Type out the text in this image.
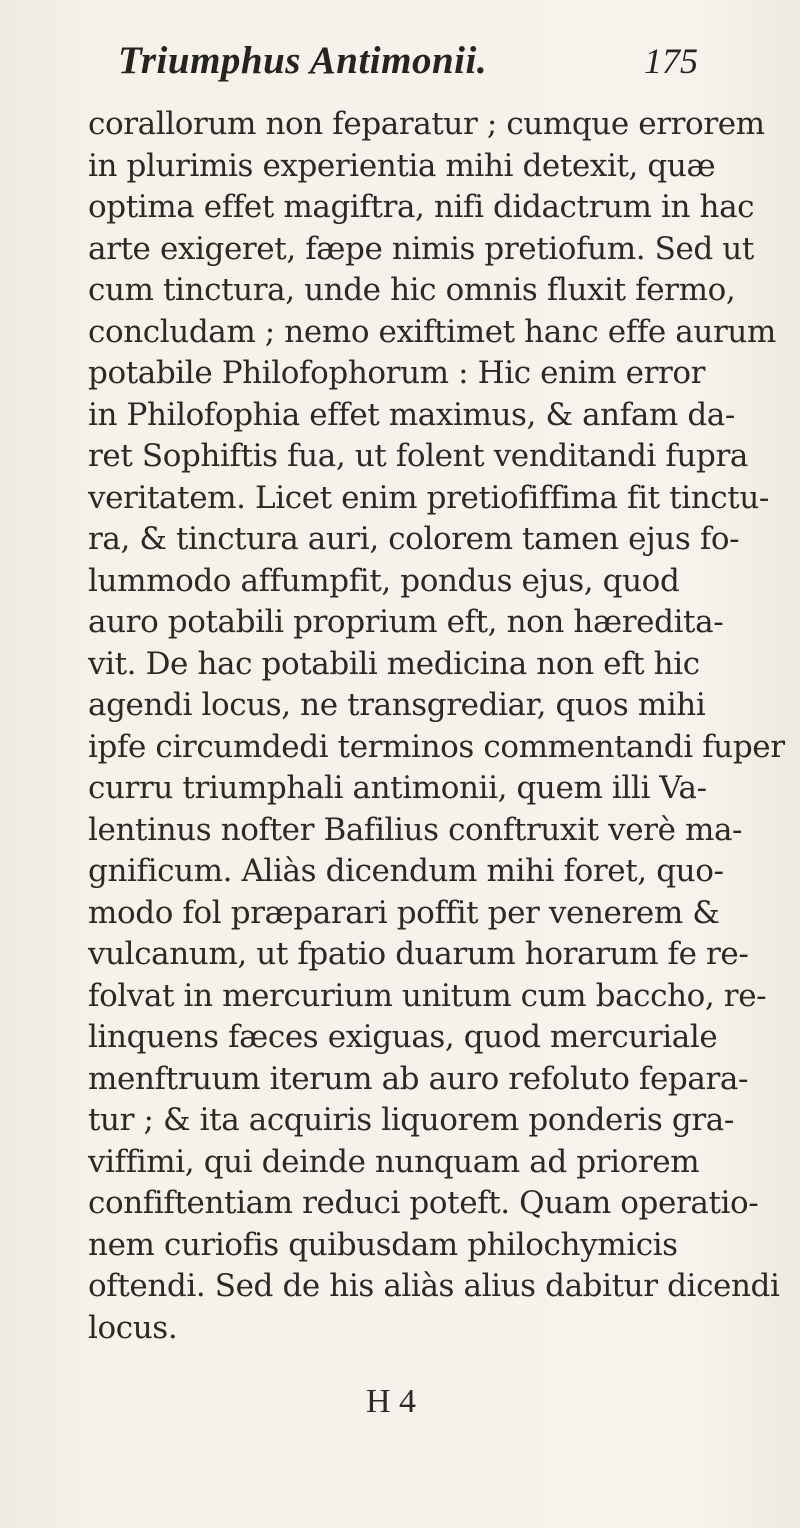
Triumphus Antimonii.	175
corallorum non feparatur ; cumque errorem
in plurimis experientia mihi detexit, quæ
optima effet magiftra, nifi didactrum in hac
arte exigeret, fæpe nimis pretiofum. Sed ut
cum tinctura, unde hic omnis fluxit fermo,
concludam ; nemo exiftimet hanc effe aurum
potabile Philofophorum : Hic enim error
in Philofophia effet maximus, & anfam da-
ret Sophiftis fua, ut folent venditandi fupra
veritatem. Licet enim pretiofiffima fit tinctu-
ra, & tinctura auri, colorem tamen ejus fo-
lummodo affumpfit, pondus ejus, quod
auro potabili proprium eft, non hæredita-
vit. De hac potabili medicina non eft hic
agendi locus, ne transgrediar, quos mihi
ipfe circumdedi terminos commentandi fuper
curru triumphali antimonii, quem illi Va-
lentinus nofter Bafilius conftruxit verè ma-
gnificum. Aliàs dicendum mihi foret, quo-
modo fol præparari poffit per venerem &
vulcanum, ut fpatio duarum horarum fe re-
folvat in mercurium unitum cum baccho, re-
linquens fæces exiguas, quod mercuriale
menftruum iterum ab auro refoluto fepara-
tur ; & ita acquiris liquorem ponderis gra-
viffimi, qui deinde nunquam ad priorem
confiftentiam reduci poteft. Quam operatio-
nem curiofis quibusdam philochymicis
oftendi. Sed de his aliàs alius dabitur dicendi
locus.
H 4
